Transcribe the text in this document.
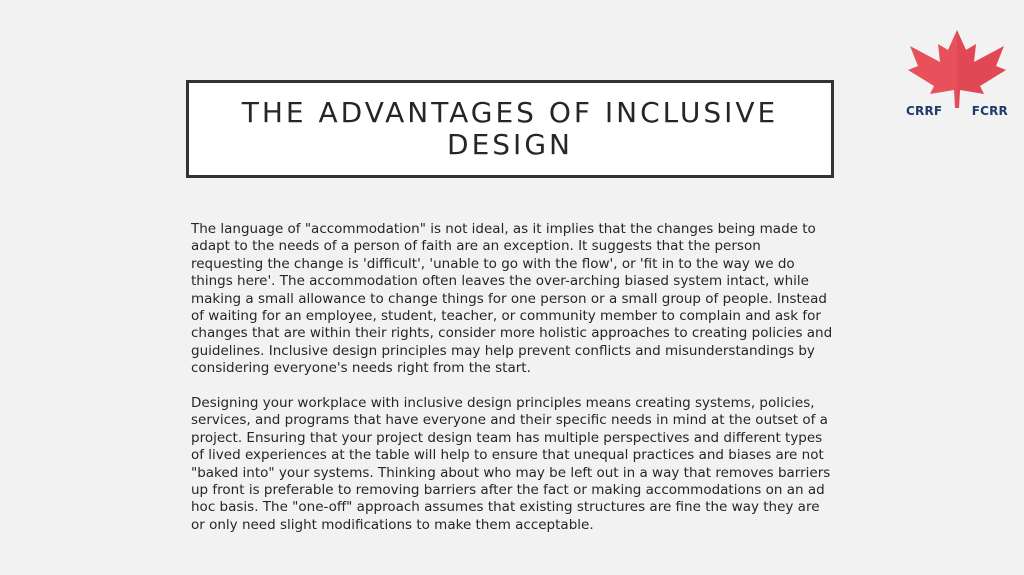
CRRF FCRR
THE ADVANTAGES OF INCLUSIVE DESIGN

The language of "accommodation" is not ideal, as it implies that the changes being made to adapt to the needs of a person of faith are an exception. It suggests that the person requesting the change is 'difficult', 'unable to go with the flow', or 'fit in to the way we do things here'. The accommodation often leaves the over-arching biased system intact, while making a small allowance to change things for one person or a small group of people. Instead of waiting for an employee, student, teacher, or community member to complain and ask for changes that are within their rights, consider more holistic approaches to creating policies and guidelines. Inclusive design principles may help prevent conflicts and misunderstandings by considering everyone's needs right from the start.

Designing your workplace with inclusive design principles means creating systems, policies, services, and programs that have everyone and their specific needs in mind at the outset of a project. Ensuring that your project design team has multiple perspectives and different types of lived experiences at the table will help to ensure that unequal practices and biases are not "baked into" your systems. Thinking about who may be left out in a way that removes barriers up front is preferable to removing barriers after the fact or making accommodations on an ad hoc basis. The "one-off" approach assumes that existing structures are fine the way they are or only need slight modifications to make them acceptable.
